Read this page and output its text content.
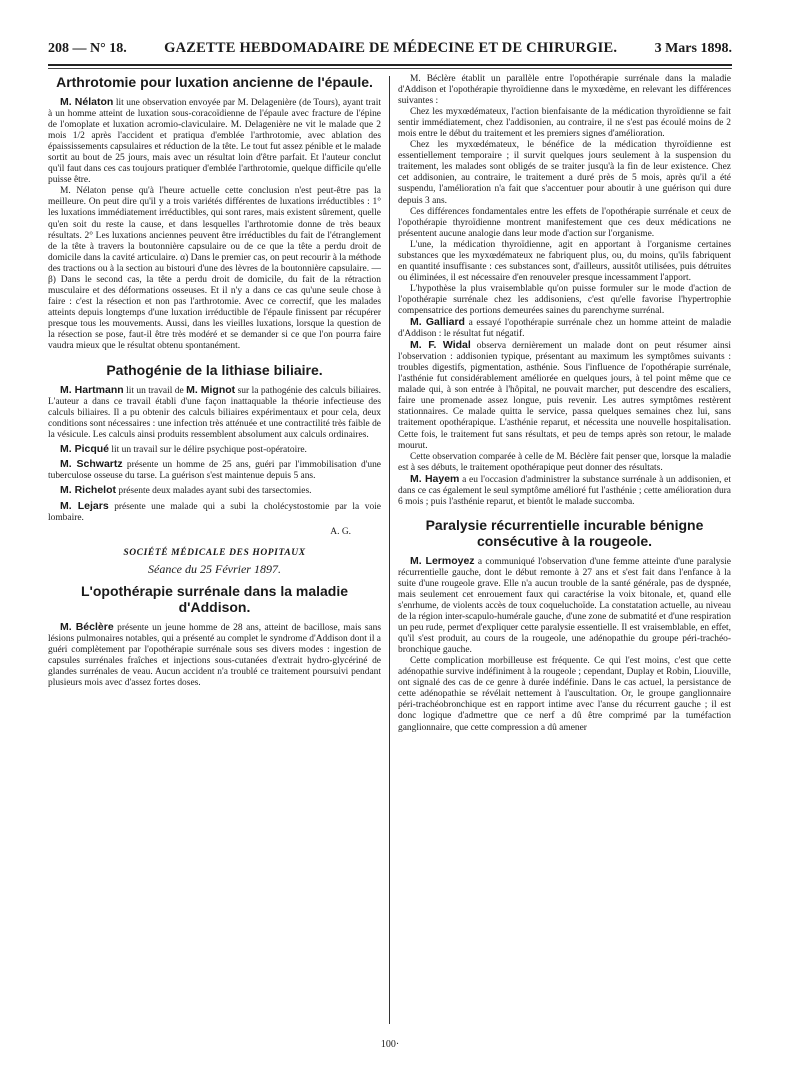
208 — N° 18.	GAZETTE HEBDOMADAIRE DE MÉDECINE ET DE CHIRURGIE.	3 Mars 1898.
Arthrotomie pour luxation ancienne de l'épaule.

M. Nélaton lit une observation envoyée par M. Delagenière (de Tours), ayant trait à un homme atteint de luxation sous-coracoïdienne de l'épaule avec fracture de l'épine de l'omoplate et luxation acromio-claviculaire. M. Delagenière ne vit le malade que 2 mois 1/2 après l'accident et pratiqua d'emblée l'arthrotomie, avec ablation des épaississements capsulaires et réduction de la tête. Le tout fut assez pénible et le malade sortit au bout de 25 jours, mais avec un résultat loin d'être parfait. Et l'auteur conclut qu'il faut dans ces cas toujours pratiquer d'emblée l'arthrotomie, quelque difficile qu'elle puisse être.

M. Nélaton pense qu'à l'heure actuelle cette conclusion n'est peut-être pas la meilleure. On peut dire qu'il y a trois variétés différentes de luxations irréductibles : 1° les luxations immédiatement irréductibles, qui sont rares, mais existent sûrement, quelle qu'en soit du reste la cause, et dans lesquelles l'arthrotomie donne de très beaux résultats. 2° Les luxations anciennes peuvent être irréductibles du fait de l'étranglement de la tête à travers la boutonnière capsulaire ou de ce que la tête a perdu droit de domicile dans la cavité articulaire. α) Dans le premier cas, on peut recourir à la méthode des tractions ou à la section au bistouri d'une des lèvres de la boutonnière capsulaire. — β) Dans le second cas, la tête a perdu droit de domicile, du fait de la rétraction musculaire et des déformations osseuses. Et il n'y a dans ce cas qu'une seule chose à faire : c'est la résection et non pas l'arthrotomie. Avec ce correctif, que les malades atteints depuis longtemps d'une luxation irréductible de l'épaule finissent par récupérer presque tous les mouvements. Aussi, dans les vieilles luxations, lorsque la question de la résection se pose, faut-il être très modéré et se demander si ce que l'on pourra faire vaudra mieux que le résultat obtenu spontanément.

Pathogénie de la lithiase biliaire.

M. Hartmann lit un travail de M. Mignot sur la pathogénie des calculs biliaires. L'auteur a dans ce travail établi d'une façon inattaquable la théorie infectieuse des calculs biliaires. Il a pu obtenir des calculs biliaires expérimentaux et pour cela, deux conditions sont nécessaires : une infection très atténuée et une contractilité très faible de la vésicule. Les calculs ainsi produits ressemblent absolument aux calculs ordinaires.

M. Picqué lit un travail sur le délire psychique post-opératoire.

M. Schwartz présente un homme de 25 ans, guéri par l'immobilisation d'une tuberculose osseuse du tarse. La guérison s'est maintenue depuis 5 ans.

M. Richelot présente deux malades ayant subi des tarsectomies.

M. Lejars présente une malade qui a subi la cholécystostomie par la voie lombaire.

A. G.

SOCIÉTÉ MÉDICALE DES HOPITAUX

Séance du 25 Février 1897.

L'opothérapie surrénale dans la maladie d'Addison.

M. Béclère présente un jeune homme de 28 ans, atteint de bacillose, mais sans lésions pulmonaires notables, qui a présenté au complet le syndrome d'Addison dont il a guéri complètement par l'opothérapie surrénale sous ses divers modes : ingestion de capsules surrénales fraîches et injections sous-cutanées d'extrait hydro-glycériné de glandes surrénales de veau. Aucun accident n'a troublé ce traitement poursuivi pendant plusieurs mois avec d'assez fortes doses.

M. Béclère établit un parallèle entre l'opothérapie surrénale dans la maladie d'Addison et l'opothérapie thyroïdienne dans le myxœdème, en relevant les différences suivantes :

Chez les myxœdémateux, l'action bienfaisante de la médication thyroïdienne se fait sentir immédiatement, chez l'addisonien, au contraire, il ne s'est pas écoulé moins de 2 mois entre le début du traitement et les premiers signes d'amélioration.

Chez les myxœdémateux, le bénéfice de la médication thyroïdienne est essentiellement temporaire ; il survit quelques jours seulement à la suspension du traitement, les malades sont obligés de se traiter jusqu'à la fin de leur existence. Chez cet addisonien, au contraire, le traitement a duré près de 5 mois, après qu'il a été suspendu, l'amélioration n'a fait que s'accentuer pour aboutir à une guérison qui dure depuis 3 ans.

Ces différences fondamentales entre les effets de l'opothérapie surrénale et ceux de l'opothérapie thyroïdienne montrent manifestement que ces deux médications ne présentent aucune analogie dans leur mode d'action sur l'organisme.

L'une, la médication thyroïdienne, agit en apportant à l'organisme certaines substances que les myxœdémateux ne fabriquent plus, ou, du moins, qu'ils fabriquent en quantité insuffisante : ces substances sont, d'ailleurs, aussitôt utilisées, puis détruites ou éliminées, il est nécessaire d'en renouveler presque incessamment l'apport.

L'hypothèse la plus vraisemblable qu'on puisse formuler sur le mode d'action de l'opothérapie surrénale chez les addisoniens, c'est qu'elle favorise l'hypertrophie compensatrice des portions demeurées saines du parenchyme surrénal.

M. Galliard a essayé l'opothérapie surrénale chez un homme atteint de maladie d'Addison : le résultat fut négatif.

M. F. Widal observa dernièrement un malade dont on peut résumer ainsi l'observation : addisonien typique, présentant au maximum les symptômes suivants : troubles digestifs, pigmentation, asthénie. Sous l'influence de l'opothérapie surrénale, l'asthénie fut considérablement améliorée en quelques jours, à tel point même que ce malade qui, à son entrée à l'hôpital, ne pouvait marcher, put descendre des escaliers, faire une promenade assez longue, puis revenir. Les autres symptômes restèrent stationnaires. Ce malade quitta le service, passa quelques semaines chez lui, sans traitement opothérapique. L'asthénie reparut, et nécessita une nouvelle hospitalisation. Cette fois, le traitement fut sans résultats, et peu de temps après son retour, le malade mourut.

Cette observation comparée à celle de M. Béclère fait penser que, lorsque la maladie est à ses débuts, le traitement opothérapique peut donner des résultats.

M. Hayem a eu l'occasion d'administrer la substance surrénale à un addisonien, et dans ce cas également le seul symptôme amélioré fut l'asthénie ; cette amélioration dura 6 mois ; puis l'asthénie reparut, et bientôt le malade succomba.

Paralysie récurrentielle incurable bénigne consécutive à la rougeole.

M. Lermoyez a communiqué l'observation d'une femme atteinte d'une paralysie récurrentielle gauche, dont le début remonte à 27 ans et s'est fait dans l'enfance à la suite d'une rougeole grave. Elle n'a aucun trouble de la santé générale, pas de dyspnée, mais seulement cet enrouement faux qui caractérise la voix bitonale, et, quand elle s'enrhume, de violents accès de toux coqueluchoïde. La constatation actuelle, au niveau de la région inter-scapulo-humérale gauche, d'une zone de submatité et d'une respiration un peu rude, permet d'expliquer cette paralysie essentielle. Il est vraisemblable, en effet, qu'il s'est produit, au cours de la rougeole, une adénopathie du groupe péri-trachéo-bronchique gauche.

Cette complication morbilleuse est fréquente. Ce qui l'est moins, c'est que cette adénopathie survive indéfiniment à la rougeole ; cependant, Duplay et Robin, Liouville, ont signalé des cas de ce genre à durée indéfinie. Dans le cas actuel, la persistance de cette adénopathie se révélait nettement à l'auscultation. Or, le groupe ganglionnaire péri-trachéobronchique est en rapport intime avec l'anse du récurrent gauche ; il est donc logique d'admettre que ce nerf a dû être comprimé par la tuméfaction ganglionnaire, que cette compression a dû amener

100·
